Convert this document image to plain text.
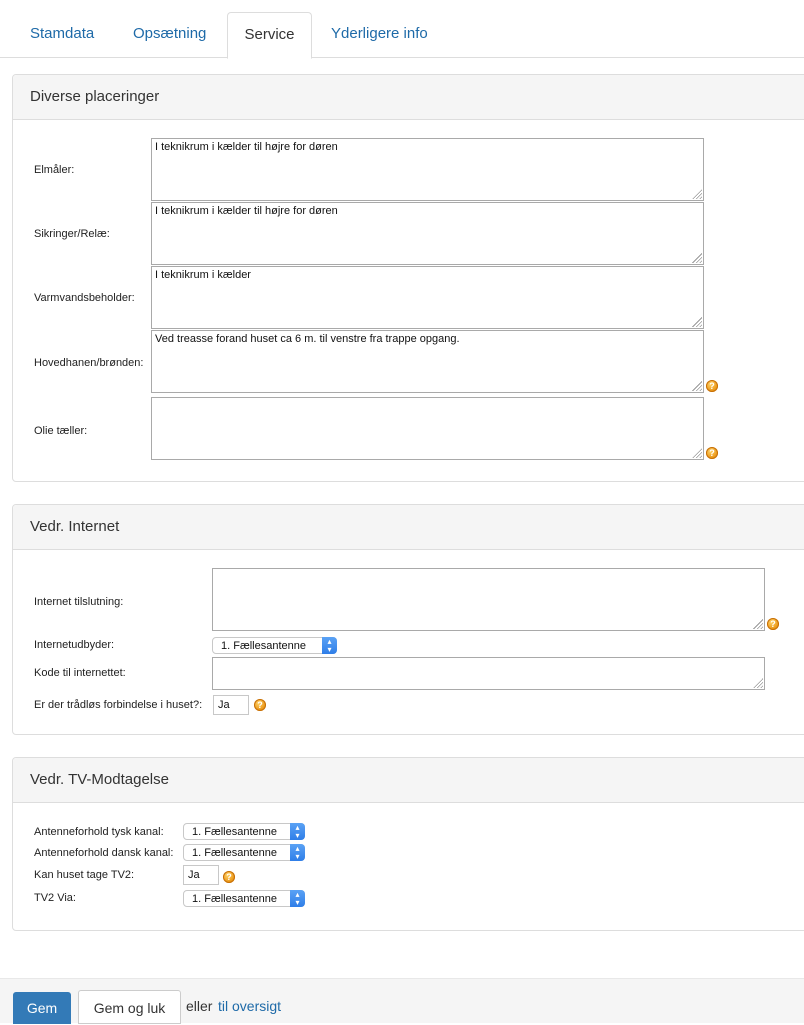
Stamdata	Opsætning	Service	Yderligere info
Diverse placeringer
Elmåler:
I teknikrum i kælder til højre for døren
Sikringer/Relæ:
I teknikrum i kælder til højre for døren
Varmvandsbeholder:
I teknikrum i kælder
Hovedhanen/brønden:
Ved treasse forand huset ca 6 m. til venstre fra trappe opgang.
?
Olie tæller:
?
Vedr. Internet
Internet tilslutning:
?
Internetudbyder:	1. Fællesantenne	▴
▾
Kode til internettet:
Er der trådløs forbindelse i huset?:	Ja	?
Vedr. TV-Modtagelse
Antenneforhold tysk kanal:	1. Fællesantenne	▴
▾
Antenneforhold dansk kanal:	1. Fællesantenne	▴
▾
Kan huset tage TV2:	Ja	?
TV2 Via:	1. Fællesantenne	▴
▾
Gem	Gem og luk	eller til oversigt
